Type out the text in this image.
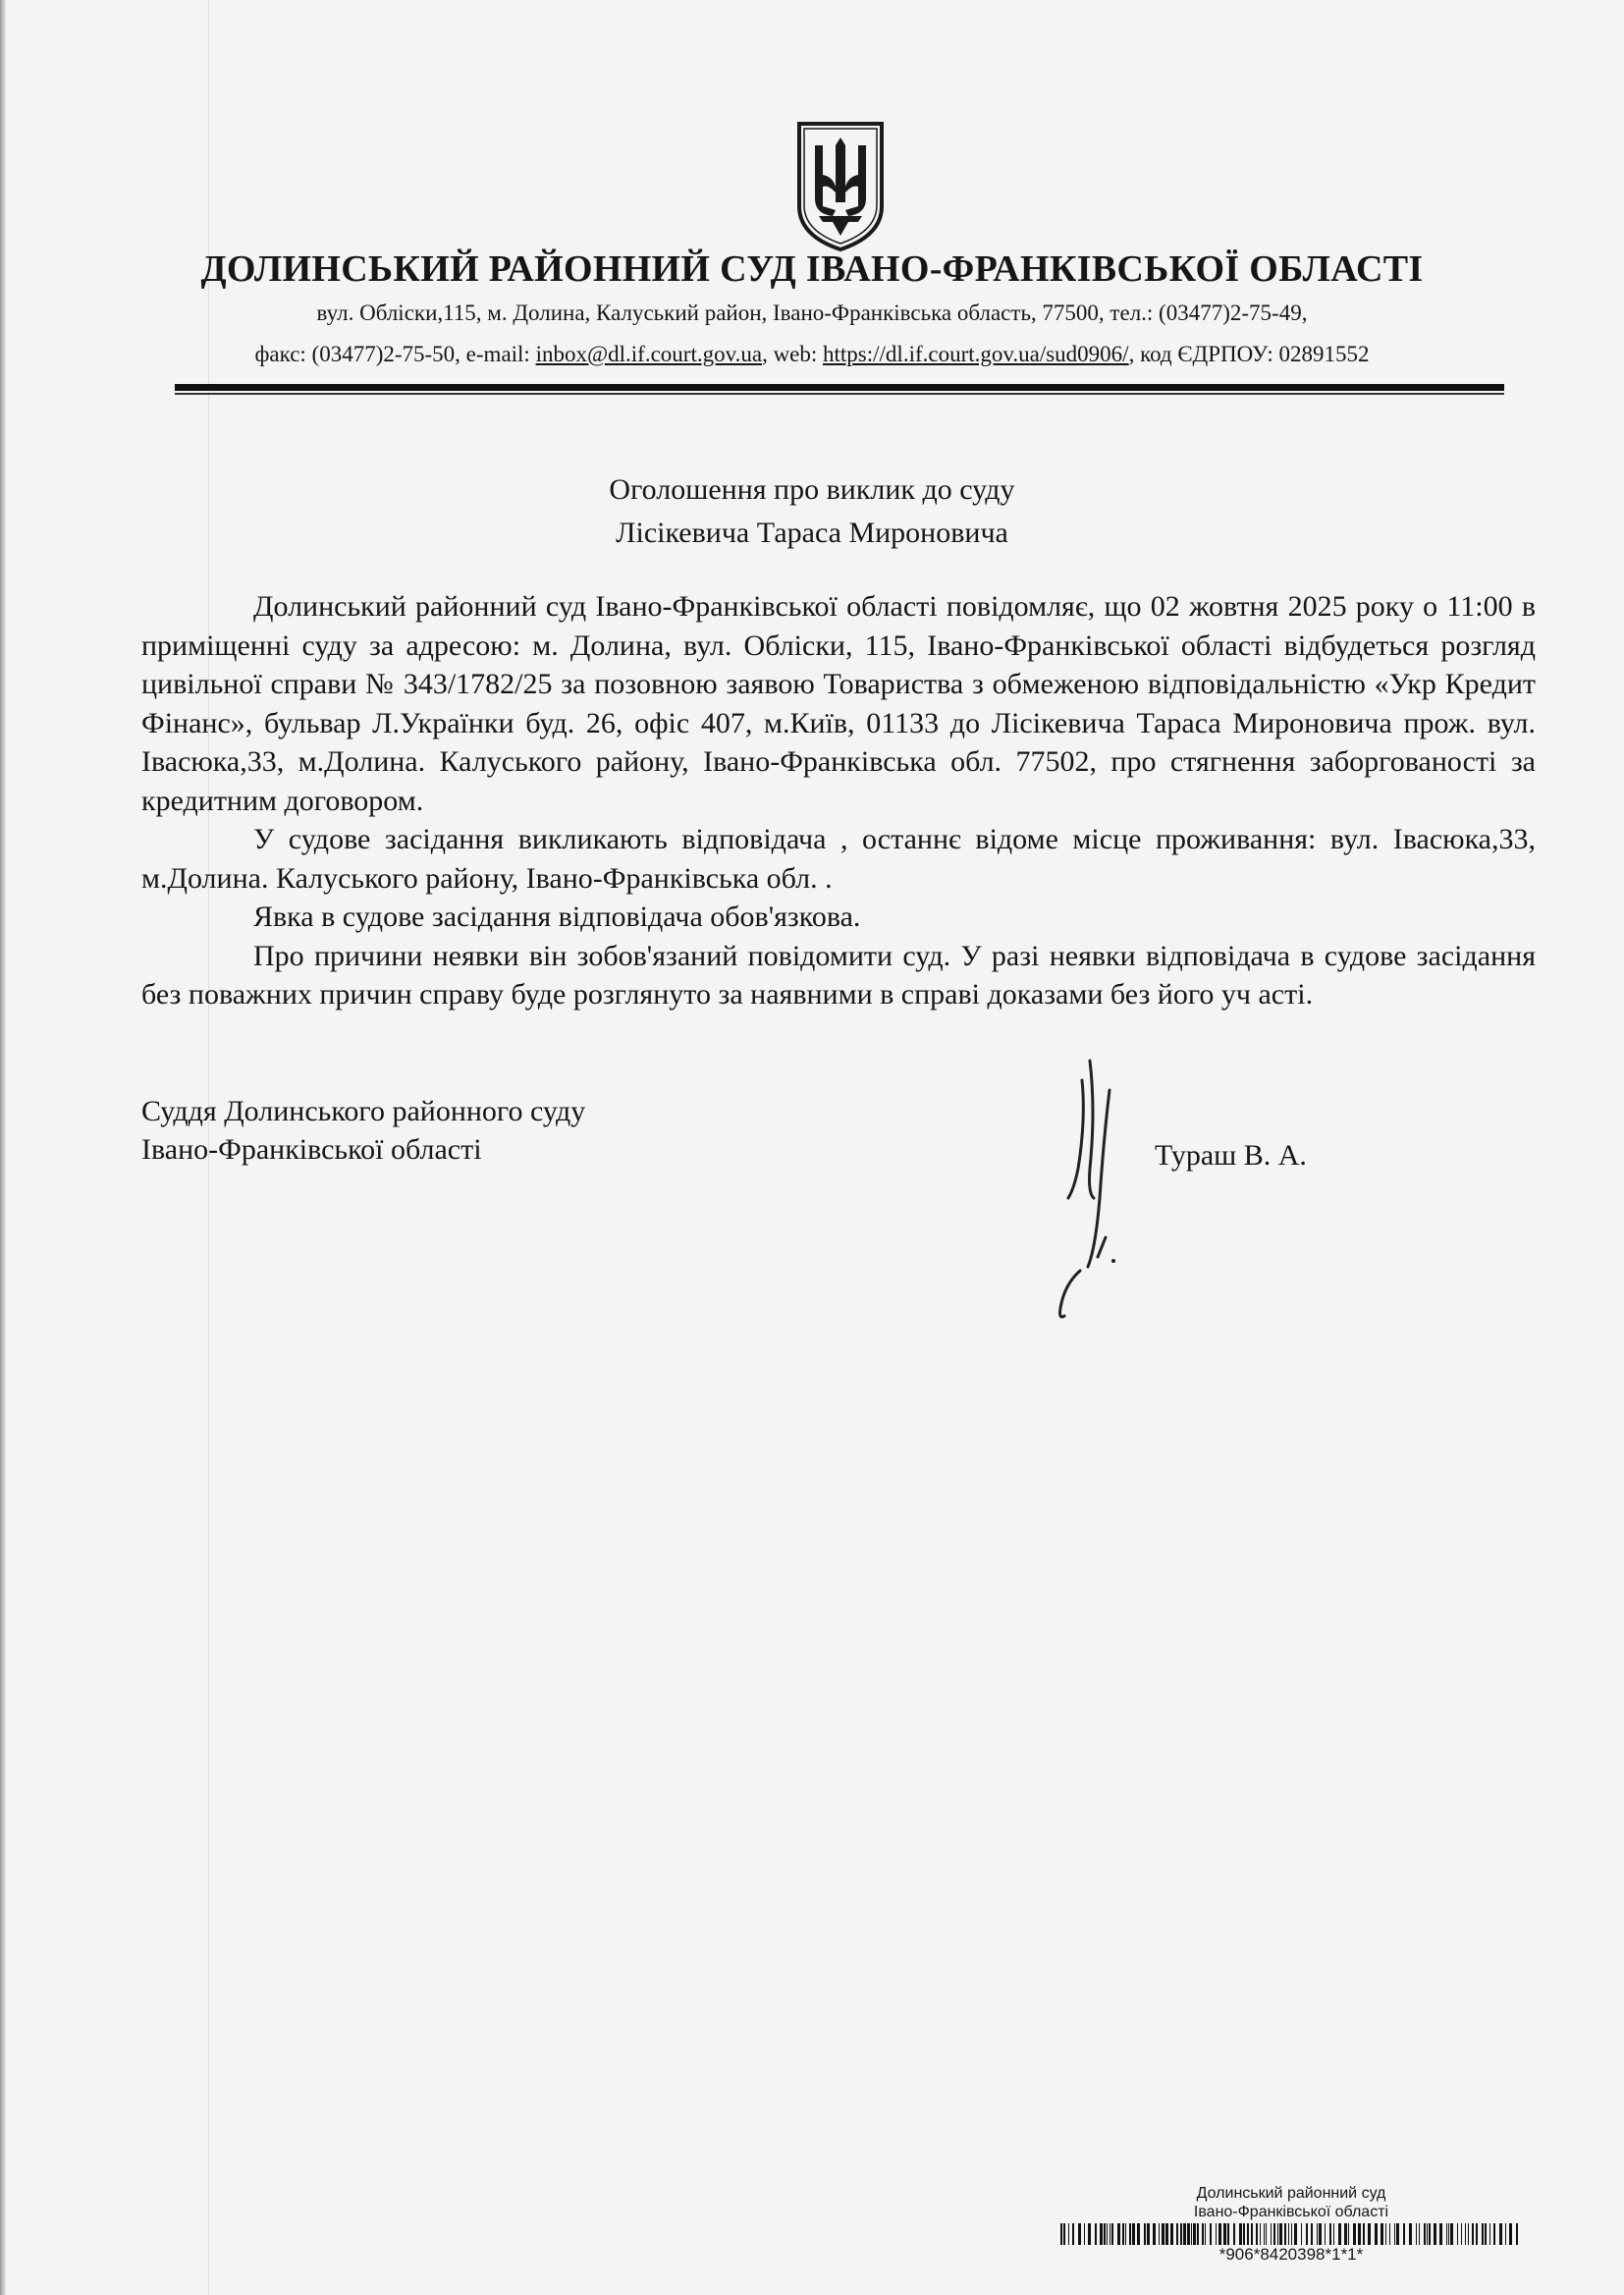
ДОЛИНСЬКИЙ РАЙОННИЙ СУД ІВАНО-ФРАНКІВСЬКОЇ ОБЛАСТІ
вул. Обліски,115, м. Долина, Калуський район, Івано-Франківська область, 77500, тел.: (03477)2-75-49,
факс: (03477)2-75-50, e-mail: inbox@dl.if.court.gov.ua, web: https://dl.if.court.gov.ua/sud0906/, код ЄДРПОУ: 02891552
Оголошення про виклик до суду
Лісікевича Тараса Мироновича

Долинський районний суд Івано-Франківської області повідомляє, що 02 жовтня 2025 року о 11:00 в приміщенні суду за адресою: м. Долина, вул. Обліски, 115, Івано-Франківської області відбудеться розгляд цивільної справи № 343/1782/25 за позовною заявою Товариства з обмеженою відповідальністю «Укр Кредит Фінанс», бульвар Л.Українки буд. 26, офіс 407, м.Київ, 01133 до Лісікевича Тараса Мироновича прож. вул. Івасюка,33, м.Долина. Калуського району, Івано-Франківська обл. 77502, про стягнення заборгованості за кредитним договором.

У судове засідання викликають відповідача , останнє відоме місце проживання: вул. Івасюка,33, м.Долина. Калуського району, Івано-Франківська обл. .

Явка в судове засідання відповідача обов'язкова.

Про причини неявки він зобов'язаний повідомити суд. У разі неявки відповідача в судове засідання без поважних причин справу буде розглянуто за наявними в справі доказами без його уч асті.

Суддя Долинського районного суду
Івано-Франківської області	Тураш В. А.
Долинський районний суд
Івано-Франківської області
*906*8420398*1*1*
